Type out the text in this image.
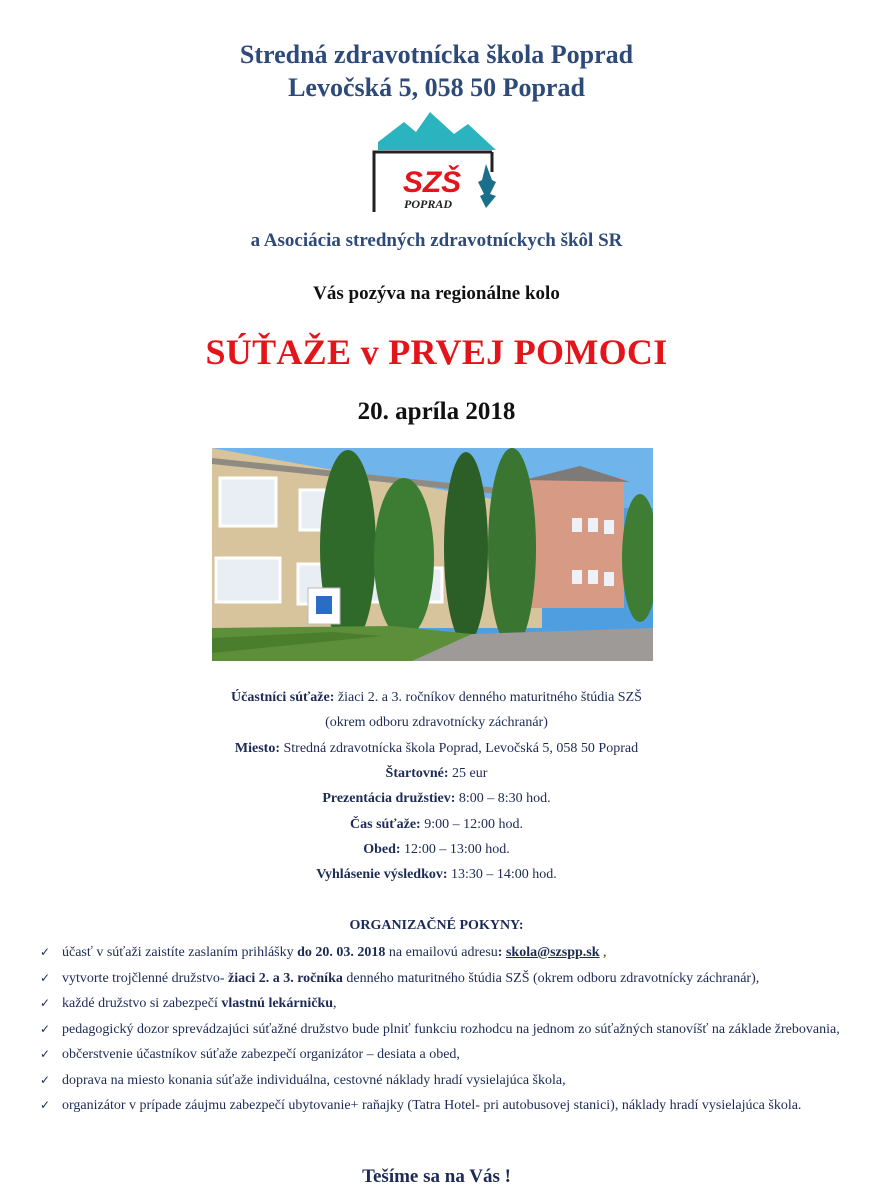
Stredná zdravotnícka škola Poprad
Levočská 5, 058 50 Poprad
SZŠ
POPRAD
a Asociácia stredných zdravotníckych škôl SR
Vás pozýva na regionálne kolo
SÚŤAŽE v PRVEJ POMOCI
20. apríla 2018
Účastníci súťaže: žiaci 2. a 3. ročníkov denného maturitného štúdia SZŠ
(okrem odboru zdravotnícky záchranár)
Miesto: Stredná zdravotnícka škola Poprad, Levočská 5, 058 50 Poprad
Štartovné: 25 eur
Prezentácia družstiev: 8:00 – 8:30 hod.
Čas súťaže: 9:00 – 12:00 hod.
Obed: 12:00 – 13:00 hod.
Vyhlásenie výsledkov: 13:30 – 14:00 hod.
ORGANIZAČNÉ POKYNY:
✓ účasť v súťaži zaistíte zaslaním prihlášky do 20. 03. 2018 na emailovú adresu: skola@szspp.sk ,
✓ vytvorte trojčlenné družstvo- žiaci 2. a 3. ročníka denného maturitného štúdia SZŠ (okrem odboru zdravotnícky záchranár),
✓ každé družstvo si zabezpečí vlastnú lekárničku,
✓ pedagogický dozor sprevádzajúci súťažné družstvo bude plniť funkciu rozhodcu na jednom zo súťažných stanovíšť na základe žrebovania,
✓ občerstvenie účastníkov súťaže zabezpečí organizátor – desiata a obed,
✓ doprava na miesto konania súťaže individuálna, cestovné náklady hradí vysielajúca škola,
✓ organizátor v prípade záujmu zabezpečí ubytovanie+ raňajky (Tatra Hotel- pri autobusovej stanici), náklady hradí vysielajúca škola.
Tešíme sa na Vás !
